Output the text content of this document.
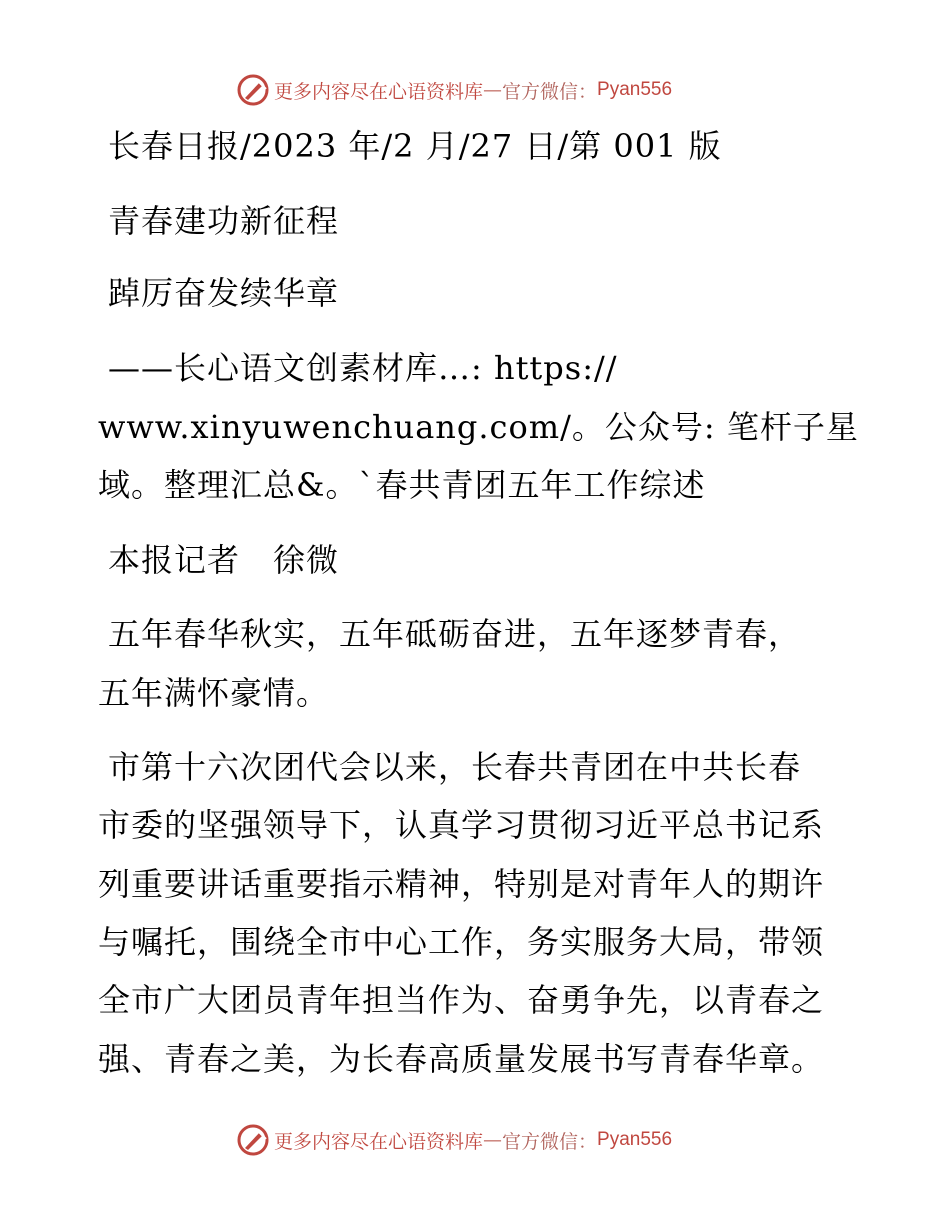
更多内容尽在心语资料库 — 官方微信： Pyan556
长春日报/2023 年/2 月/27 日/第 001 版
青春建功新征程
踔厉奋发续华章
——长心语文创素材库…: https://
www.xinyuwenchuang.com/。公众号: 笔杆子星
域。整理汇总&。`春共青团五年工作综述
本报记者　徐微
五年春华秋实，五年砥砺奋进，五年逐梦青春，
五年满怀豪情。
市第十六次团代会以来，长春共青团在中共长春
市委的坚强领导下，认真学习贯彻习近平总书记系
列重要讲话重要指示精神，特别是对青年人的期许
与嘱托，围绕全市中心工作，务实服务大局，带领
全市广大团员青年担当作为、奋勇争先，以青春之
强、青春之美，为长春高质量发展书写青春华章。
更多内容尽在心语资料库 — 官方微信： Pyan556
